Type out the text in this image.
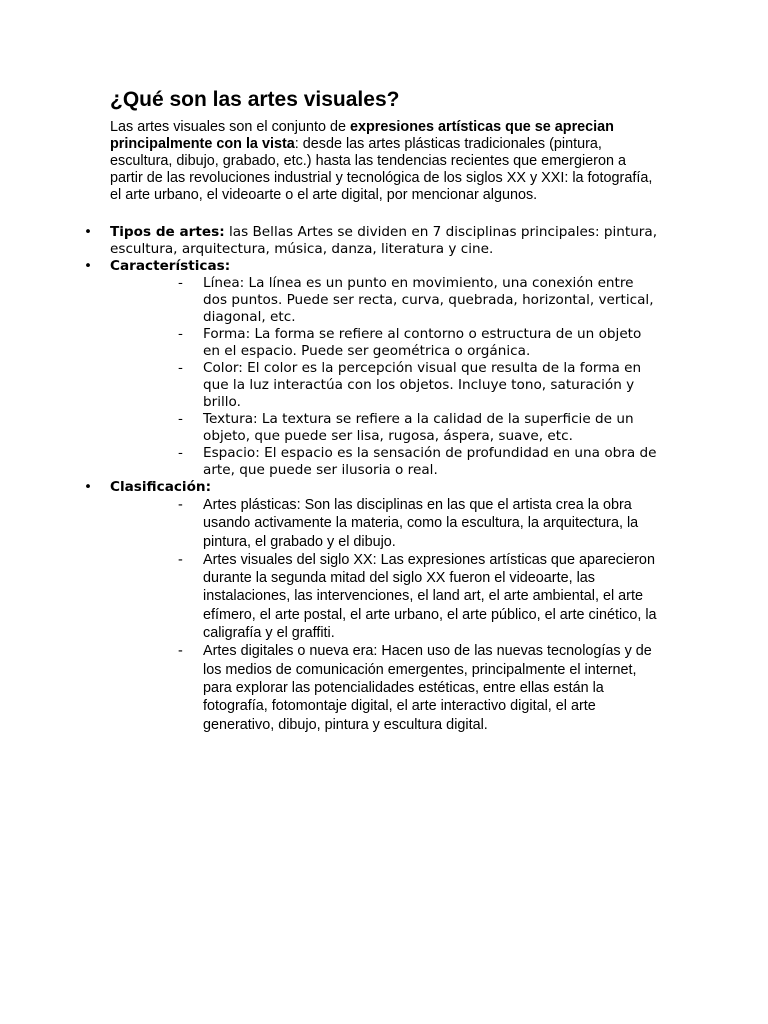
¿Qué son las artes visuales?

Las artes visuales son el conjunto de expresiones artísticas que se aprecian principalmente con la vista: desde las artes plásticas tradicionales (pintura, escultura, dibujo, grabado, etc.) hasta las tendencias recientes que emergieron a partir de las revoluciones industrial y tecnológica de los siglos XX y XXI: la fotografía, el arte urbano, el videoarte o el arte digital, por mencionar algunos.

• Tipos de artes: las Bellas Artes se dividen en 7 disciplinas principales: pintura, escultura, arquitectura, música, danza, literatura y cine.
• Características:
- Línea: La línea es un punto en movimiento, una conexión entre dos puntos. Puede ser recta, curva, quebrada, horizontal, vertical, diagonal, etc.
- Forma: La forma se refiere al contorno o estructura de un objeto en el espacio. Puede ser geométrica o orgánica.
- Color: El color es la percepción visual que resulta de la forma en que la luz interactúa con los objetos. Incluye tono, saturación y brillo.
- Textura: La textura se refiere a la calidad de la superficie de un objeto, que puede ser lisa, rugosa, áspera, suave, etc.
- Espacio: El espacio es la sensación de profundidad en una obra de arte, que puede ser ilusoria o real.
• Clasificación:
- Artes plásticas: Son las disciplinas en las que el artista crea la obra usando activamente la materia, como la escultura, la arquitectura, la pintura, el grabado y el dibujo.
- Artes visuales del siglo XX: Las expresiones artísticas que aparecieron durante la segunda mitad del siglo XX fueron el videoarte, las instalaciones, las intervenciones, el land art, el arte ambiental, el arte efímero, el arte postal, el arte urbano, el arte público, el arte cinético, la caligrafía y el graffiti.
- Artes digitales o nueva era: Hacen uso de las nuevas tecnologías y de los medios de comunicación emergentes, principalmente el internet, para explorar las potencialidades estéticas, entre ellas están la fotografía, fotomontaje digital, el arte interactivo digital, el arte generativo, dibujo, pintura y escultura digital.
